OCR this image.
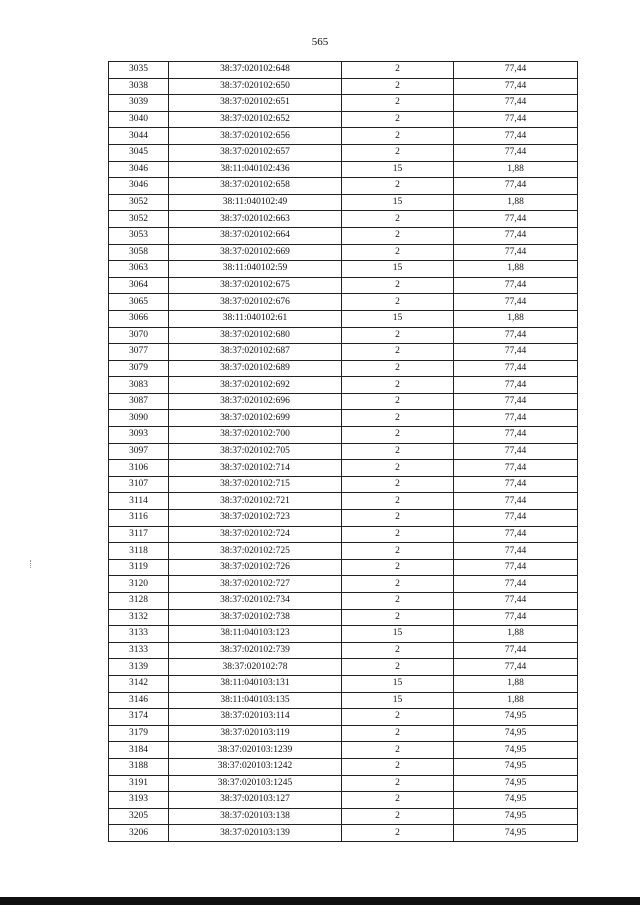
565
3035	38:37:020102:648	2	77,44
3038	38:37:020102:650	2	77,44
3039	38:37:020102:651	2	77,44
3040	38:37:020102:652	2	77,44
3044	38:37:020102:656	2	77,44
3045	38:37:020102:657	2	77,44
3046	38:11:040102:436	15	1,88
3046	38:37:020102:658	2	77,44
3052	38:11:040102:49	15	1,88
3052	38:37:020102:663	2	77,44
3053	38:37:020102:664	2	77,44
3058	38:37:020102:669	2	77,44
3063	38:11:040102:59	15	1,88
3064	38:37:020102:675	2	77,44
3065	38:37:020102:676	2	77,44
3066	38:11:040102:61	15	1,88
3070	38:37:020102:680	2	77,44
3077	38:37:020102:687	2	77,44
3079	38:37:020102:689	2	77,44
3083	38:37:020102:692	2	77,44
3087	38:37:020102:696	2	77,44
3090	38:37:020102:699	2	77,44
3093	38:37:020102:700	2	77,44
3097	38:37:020102:705	2	77,44
3106	38:37:020102:714	2	77,44
3107	38:37:020102:715	2	77,44
3114	38:37:020102:721	2	77,44
3116	38:37:020102:723	2	77,44
3117	38:37:020102:724	2	77,44
3118	38:37:020102:725	2	77,44
3119	38:37:020102:726	2	77,44
3120	38:37:020102:727	2	77,44
3128	38:37:020102:734	2	77,44
3132	38:37:020102:738	2	77,44
3133	38:11:040103:123	15	1,88
3133	38:37:020102:739	2	77,44
3139	38:37:020102:78	2	77,44
3142	38:11:040103:131	15	1,88
3146	38:11:040103:135	15	1,88
3174	38:37:020103:114	2	74,95
3179	38:37:020103:119	2	74,95
3184	38:37:020103:1239	2	74,95
3188	38:37:020103:1242	2	74,95
3191	38:37:020103:1245	2	74,95
3193	38:37:020103:127	2	74,95
3205	38:37:020103:138	2	74,95
3206	38:37:020103:139	2	74,95
